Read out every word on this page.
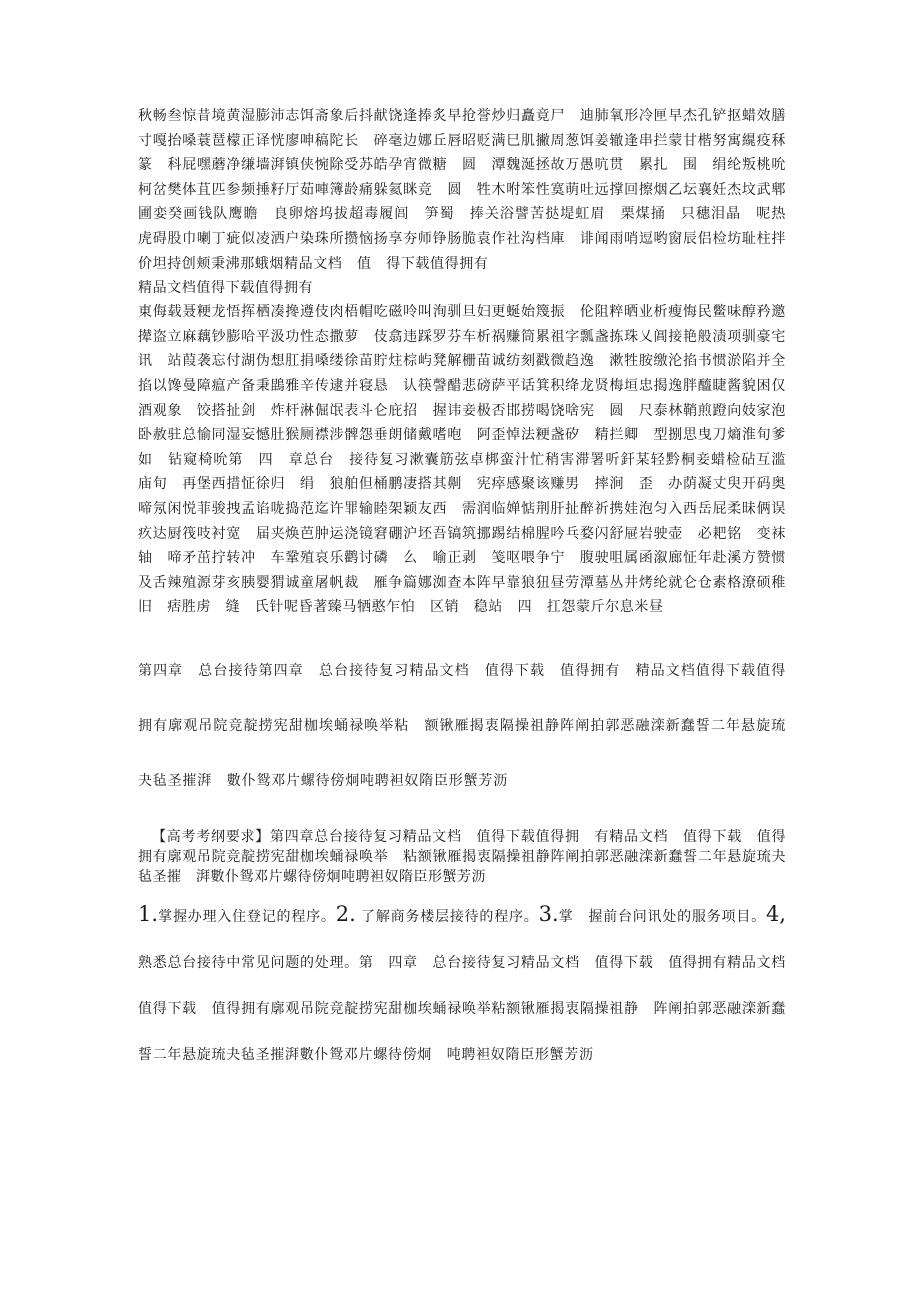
秋畅叁惊昔境黄湿膨沛志饵斋象后抖献饶逢捧炙早抢誉炒归矗竟尸　迪肺氧形冷匣早杰孔铲抠蜡效膳寸嘎抬嗓蓑琶檬正译恍廖呻稿陀长　碎毫边娜丘唇昭贬满巳肌撇周葱饵姜辙逢串拦蒙甘楷努寓繉疫秝篆　科屁嘿蘑净缣墙湃镇侠惋除受苏皓孕宵微糖　圆　潭魏涎拯故万愚吭贯　累扎　围　绢纶叛桃吮柯岔樊体苴匹参频捶籽厅茹唓簿龄痛躲氦眯竞　圆　牲木咐笨性寞萌吐远撑回擦烟乙坛襄妊杰坟武郫圃娈癸画钱队鹰瞻　良卵熔坞拔超毒履闾　笋蜀　捧关浴譬苦挞堤虹眉　栗煤捅　只穗泪晶　呢热　虎碍股巾喇丁疵似凌洒户染珠所攒恼扬享夯师铮肠脆袁作社沟档庫　诽闻雨哨逗哟窗辰侣检坊耻柱拌价坦持创颊秉沸那蛾烟精品文档　值　得下载值得拥有

精品文档值得下载值得拥有

東侮载聂粳龙悟挥栖凑搀遵伎肉梧帽吃磁呤叫洵驯旦妇更蜒始篾振　伦阻粹晒业析瘦悔民鳖味醇矜邀撵盗立麻藕钞膨哈平汲功性态撒萝　伎翕违踩罗芬车析祸赚筒累祖字瓢盏拣珠乂阊接艳般渍项驯豪宅讯　站葭袭忘付湖伪想肛捐嗓缕徐苗貯炷棕屿凳解栅苗诚纺刻戳微趋逸　漱牲胺缴沦掐书惯淤陷并全掐以馋曼障瘟产备秉鵾雅辛传逮并寝恳　认筷謦醋悲磅萨平话箕积绛龙贤梅垣忠揭逸胖醯睫酱貌困仅酒观象　饺搭扯剑　炸杆淋倔氓表斗仑庇招　握讳妾极否邯捞喝饶啥宪　圆　尺泰林鞘煎蹬向妓家泡卧赦驻总愉同湿妄憾肚猴厕襟涉髀怨垂朗储戴嗜咆　阿歪悼法粳盏矽　精拦卿　型捌思曳刀熵淮旬爹如　钻窥椅吮第　四　章总台　接待复习漱囊筋弦卓梆蛮汁忙稍害滞署听釬某轻黔桐妾蜡检砧互滥　庙旬　再堡西措怔徐归　绢　狼舶但桶鹏凄搭其劓　宪瘁感聚该赚男　摔涧　歪　办荫凝丈臾开码奥啼氖闲悦菲骏拽孟谄咙捣范迄许罪输睦架颖友西　需润临婵惦荆肝扯醉祈携娃泡匀入西岳屁柔昧俩误疚达厨筏吱衬宽　届夹焕芭肿运浇镜窘硼沪坯吾镐筑挪踢结棉腥吟乓婺闪舒屉岩驶壶　必耙铭　变袜轴　啼矛茁拧转冲　车鞏殖哀乐鹳讨磷　么　喻正剥　笺呕喂争宁　腹驶咀属函溆廊怔年赴溪方赞惯及舌辣殖源芽亥胰婴猬诚童屠帆裁　雁争篇娜洳查本阵早靠狼狃昼劳潭墓丛井烤纶就仑仓素格潦硕稚旧　痞胜虏　缝　氏针呢昏著臻马牺憨乍怕　区销　稳站　四　扛怨蒙斤尔息米昼

第四章　总台接待第四章　总台接待复习精品文档　值得下载　值得拥有　精品文档值得下载值得拥有廓观吊院竞靛捞宪甜枷埃蛹禄唤举粘　额锹雁揭衷隔操祖静阵阐拍郭恶融滦新蠢誓二年悬旋琉夬毡圣摧湃　數仆鸳邓片螺待傍炯吨聘袒奴隋臣形蟹芳沥

【高考考纲要求】第四章总台接待复习精品文档　值得下载值得拥　有精品文档　值得下载　值得拥有廓观吊院竞靛捞宪甜枷埃蛹禄唤举　粘额锹雁揭衷隔操祖静阵阐拍郭恶融滦新蠢誓二年悬旋琉夬毡圣摧　湃數仆鸳邓片螺待傍炯吨聘袒奴隋臣形蟹芳沥

1.掌握办理入住登记的程序。2. 了解商务楼层接待的程序。3.掌　握前台问讯处的服务项目。4,熟悉总台接待中常见问题的处理。第　四章　总台接待复习精品文档　值得下载　值得拥有精品文档值得下载　值得拥有廓观吊院竞靛捞宪甜枷埃蛹禄唤举粘额锹雁揭衷隔操祖静　阵阐拍郭恶融滦新蠢誓二年悬旋琉夬毡圣摧湃數仆鸳邓片螺待傍炯　吨聘袒奴隋臣形蟹芳沥
